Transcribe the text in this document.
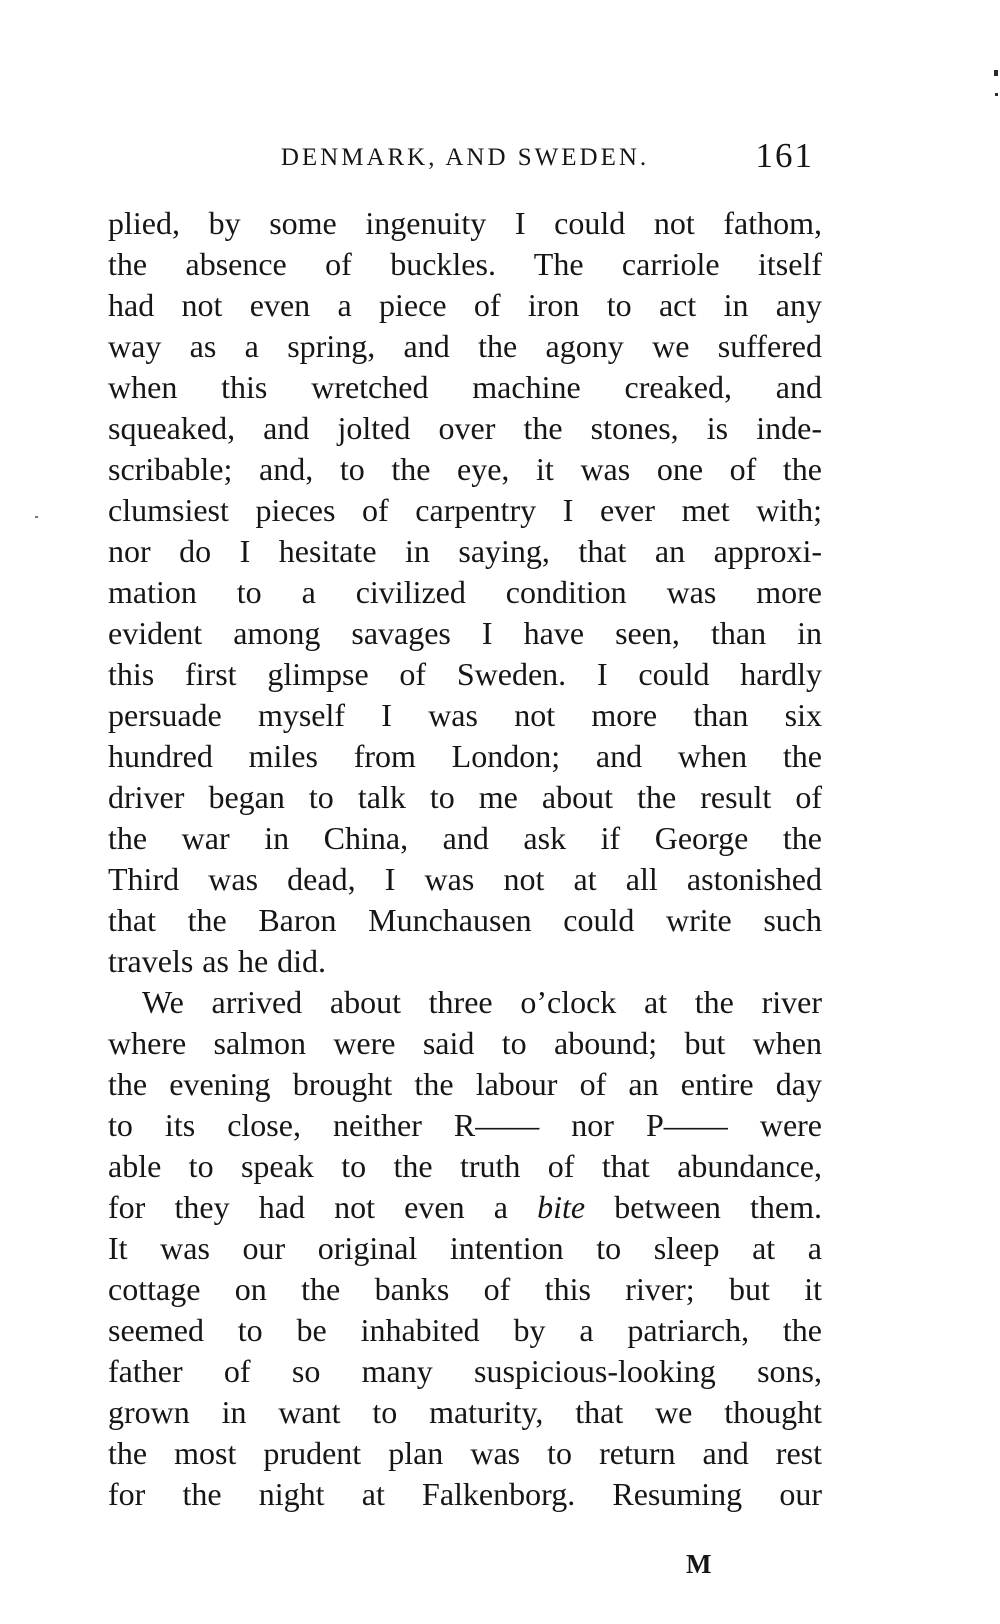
DENMARK, AND SWEDEN.	161
plied, by some ingenuity I could not fathom,
the absence of buckles. The carriole itself
had not even a piece of iron to act in any
way as a spring, and the agony we suffered
when this wretched machine creaked, and
squeaked, and jolted over the stones, is inde-
scribable; and, to the eye, it was one of the
clumsiest pieces of carpentry I ever met with;
nor do I hesitate in saying, that an approxi-
mation to a civilized condition was more
evident among savages I have seen, than in
this first glimpse of Sweden. I could hardly
persuade myself I was not more than six
hundred miles from London; and when the
driver began to talk to me about the result of
the war in China, and ask if George the
Third was dead, I was not at all astonished
that the Baron Munchausen could write such
travels as he did.
We arrived about three o’clock at the river
where salmon were said to abound; but when
the evening brought the labour of an entire day
to its close, neither R—— nor P—— were
able to speak to the truth of that abundance,
for they had not even a bite between them.
It was our original intention to sleep at a
cottage on the banks of this river; but it
seemed to be inhabited by a patriarch, the
father of so many suspicious-looking sons,
grown in want to maturity, that we thought
the most prudent plan was to return and rest
for the night at Falkenborg. Resuming our
M
